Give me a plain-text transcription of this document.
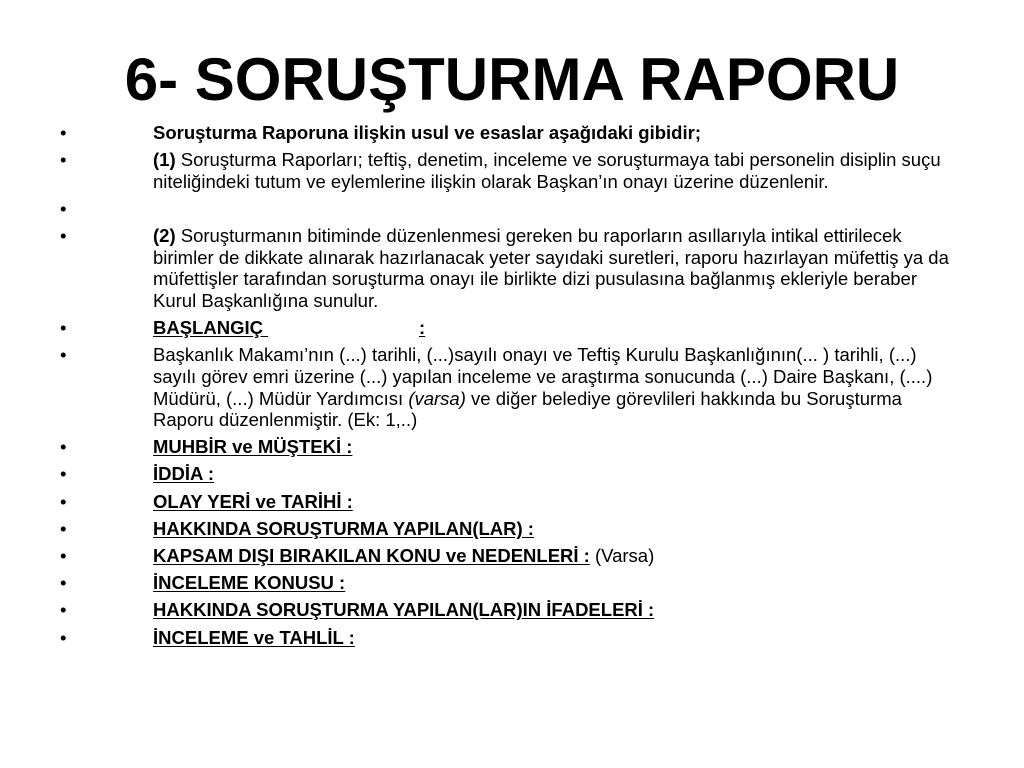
6- SORUŞTURMA RAPORU
•	Soruşturma Raporuna ilişkin usul ve esaslar aşağıdaki gibidir;
•	(1) Soruşturma Raporları; teftiş, denetim, inceleme ve soruşturmaya tabi personelin disiplin suçu niteliğindeki tutum ve eylemlerine ilişkin olarak Başkan’ın onayı üzerine düzenlenir.
•

•	(2) Soruşturmanın bitiminde düzenlenmesi gereken bu raporların asıllarıyla intikal ettirilecek birimler de dikkate alınarak hazırlanacak yeter sayıdaki suretleri, raporu hazırlayan müfettiş ya da müfettişler tarafından soruşturma onayı ile birlikte dizi pusulasına bağlanmış ekleriyle beraber Kurul Başkanlığına sunulur.
•	BAŞLANGIÇ	:
•	Başkanlık Makamı’nın (...) tarihli, (...)sayılı onayı ve Teftiş Kurulu Başkanlığının(... ) tarihli, (...) sayılı görev emri üzerine (...) yapılan inceleme ve araştırma sonucunda (...) Daire Başkanı, (....) Müdürü, (...) Müdür Yardımcısı (varsa) ve diğer belediye görevlileri hakkında bu Soruşturma Raporu düzenlenmiştir. (Ek: 1,..)
•	MUHBİR ve MÜŞTEKİ :
•	İDDİA :
•	OLAY YERİ ve TARİHİ :
•	HAKKINDA SORUŞTURMA YAPILAN(LAR) :
•	KAPSAM DIŞI BIRAKILAN KONU ve NEDENLERİ : (Varsa)
•	İNCELEME KONUSU :
•	HAKKINDA SORUŞTURMA YAPILAN(LAR)IN İFADELERİ :
•	İNCELEME ve TAHLİL :
